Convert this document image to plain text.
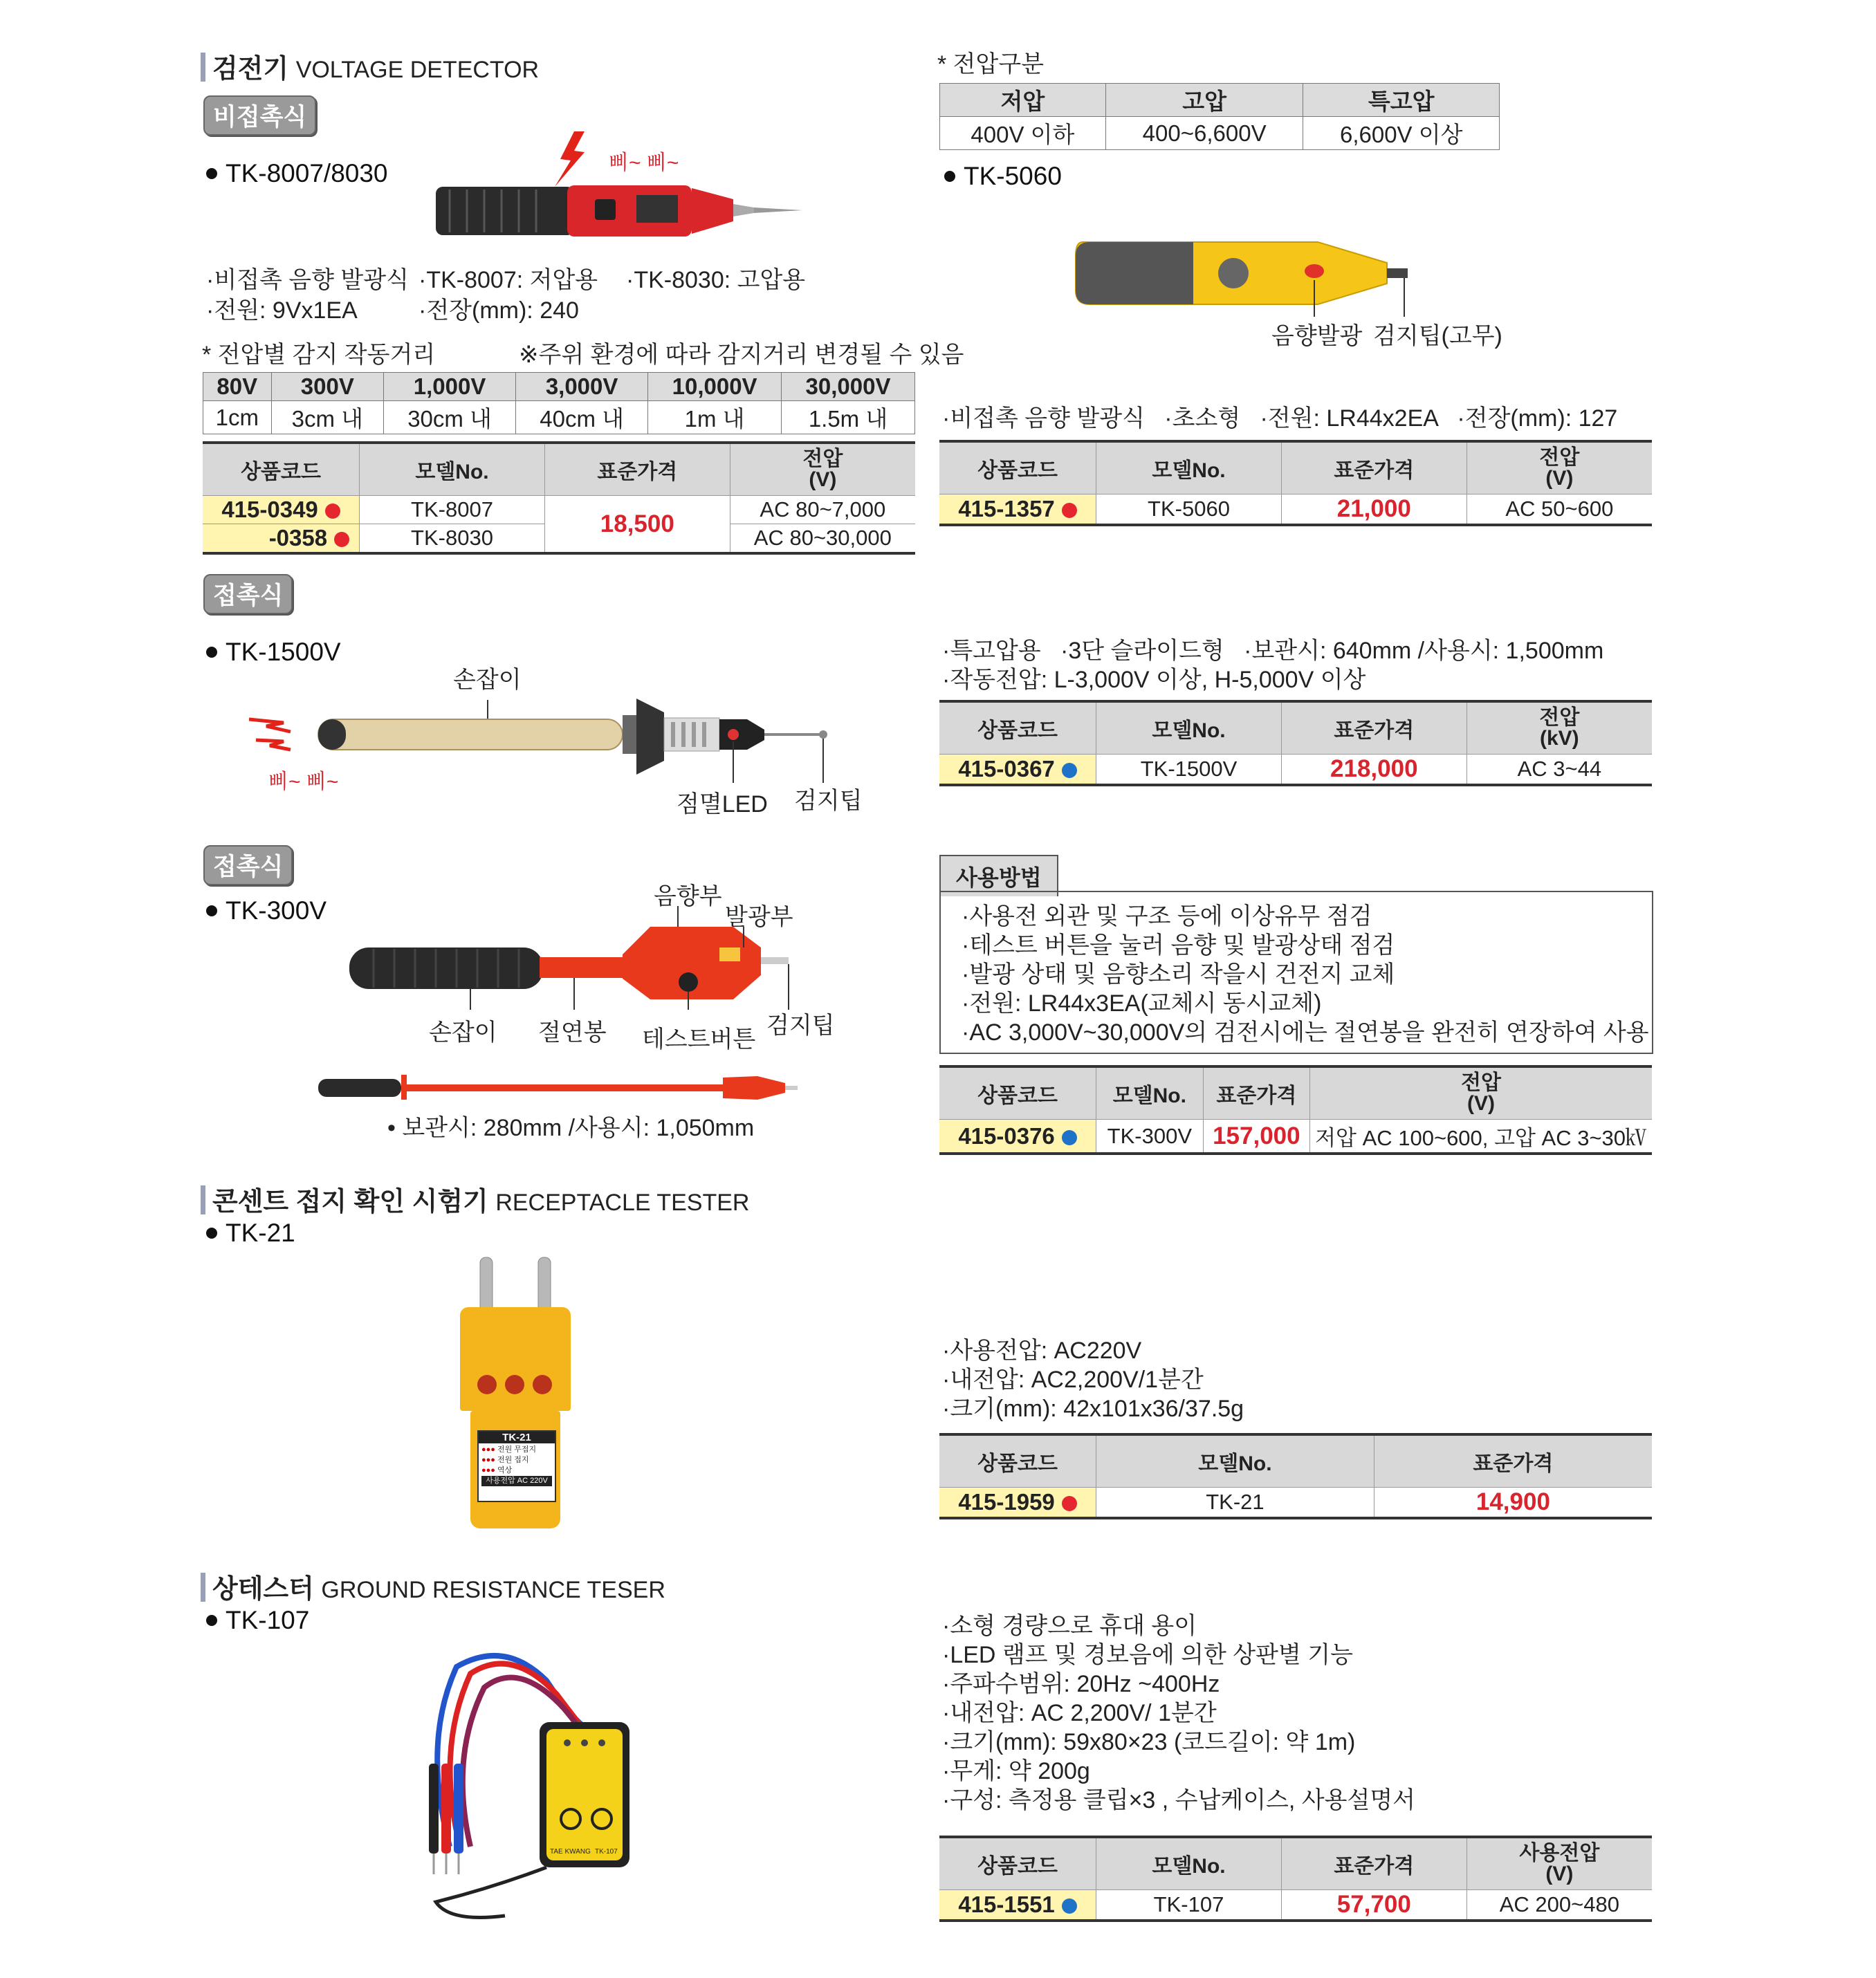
검전기 VOLTAGE DETECTOR
비접촉식
TK-8007/8030	삐~ 삐~
·비접촉 음향 발광식 ·TK-8007: 저압용 ·TK-8030: 고압용
·전원: 9Vx1EA	·전장(mm): 240
* 전압별 감지 작동거리	※주위 환경에 따라 감지거리 변경될 수 있음
80V	300V	1,000V	3,000V	10,000V	30,000V
1cm	3cm 내	30cm 내	40cm 내	1m 내	1.5m 내
상품코드	모델No.	표준가격	전압
(V)
415-0349	TK-8007	18,500	AC 80~7,000
-0358	TK-8030		AC 80~30,000
* 전압구분
저압	고압	특고압
400V 이하	400~6,600V	6,600V 이상
TK-5060
음향발광 검지팁(고무)
·비접촉 음향 발광식   ·초소형   ·전원: LR44x2EA   ·전장(mm): 127
상품코드	모델No.	표준가격	전압
(V)
415-1357	TK-5060	21,000	AC 50~600
접촉식
TK-1500V
손잡이
삐~ 삐~
점멸LED 검지팁
·특고압용   ·3단 슬라이드형   ·보관시: 640mm /사용시: 1,500mm
·작동전압: L-3,000V 이상, H-5,000V 이상
상품코드	모델No.	표준가격	전압
(kV)
415-0367	TK-1500V	218,000	AC 3~44
접촉식
TK-300V	음향부
발광부
손잡이 절연봉 테스트버튼
검지팁
• 보관시: 280mm /사용시: 1,050mm
사용방법
·사용전 외관 및 구조 등에 이상유무 점검
·테스트 버튼을 눌러 음향 및 발광상태 점검
·발광 상태 및 음향소리 작을시 건전지 교체
·전원: LR44x3EA(교체시 동시교체)
·AC 3,000V~30,000V의 검전시에는 절연봉을 완전히 연장하여 사용
상품코드	모델No.	표준가격	전압
(V)
415-0376	TK-300V	157,000	저압 AC 100~600, 고압 AC 3~30㎸
콘센트 접지 확인 시험기 RECEPTACLE TESTER
TK-21
TK-21
●●● 전원 무접지
●●● 전원 접지
●●● 역상
사용전압 AC 220V
·사용전압: AC220V
·내전압: AC2,200V/1분간
·크기(mm): 42x101x36/37.5g
상품코드	모델No.	표준가격
415-1959	TK-21	14,900
상테스터 GROUND RESISTANCE TESER
TK-107
TAE KWANG TK-107
·소형 경량으로 휴대 용이
·LED 램프 및 경보음에 의한 상판별 기능
·주파수범위: 20Hz ~400Hz
·내전압: AC 2,200V/ 1분간
·크기(mm): 59x80×23 (코드길이: 약 1m)
·무게: 약 200g
·구성: 측정용 클립×3 , 수납케이스, 사용설명서
상품코드	모델No.	표준가격	사용전압
(V)
415-1551	TK-107	57,700	AC 200~480
